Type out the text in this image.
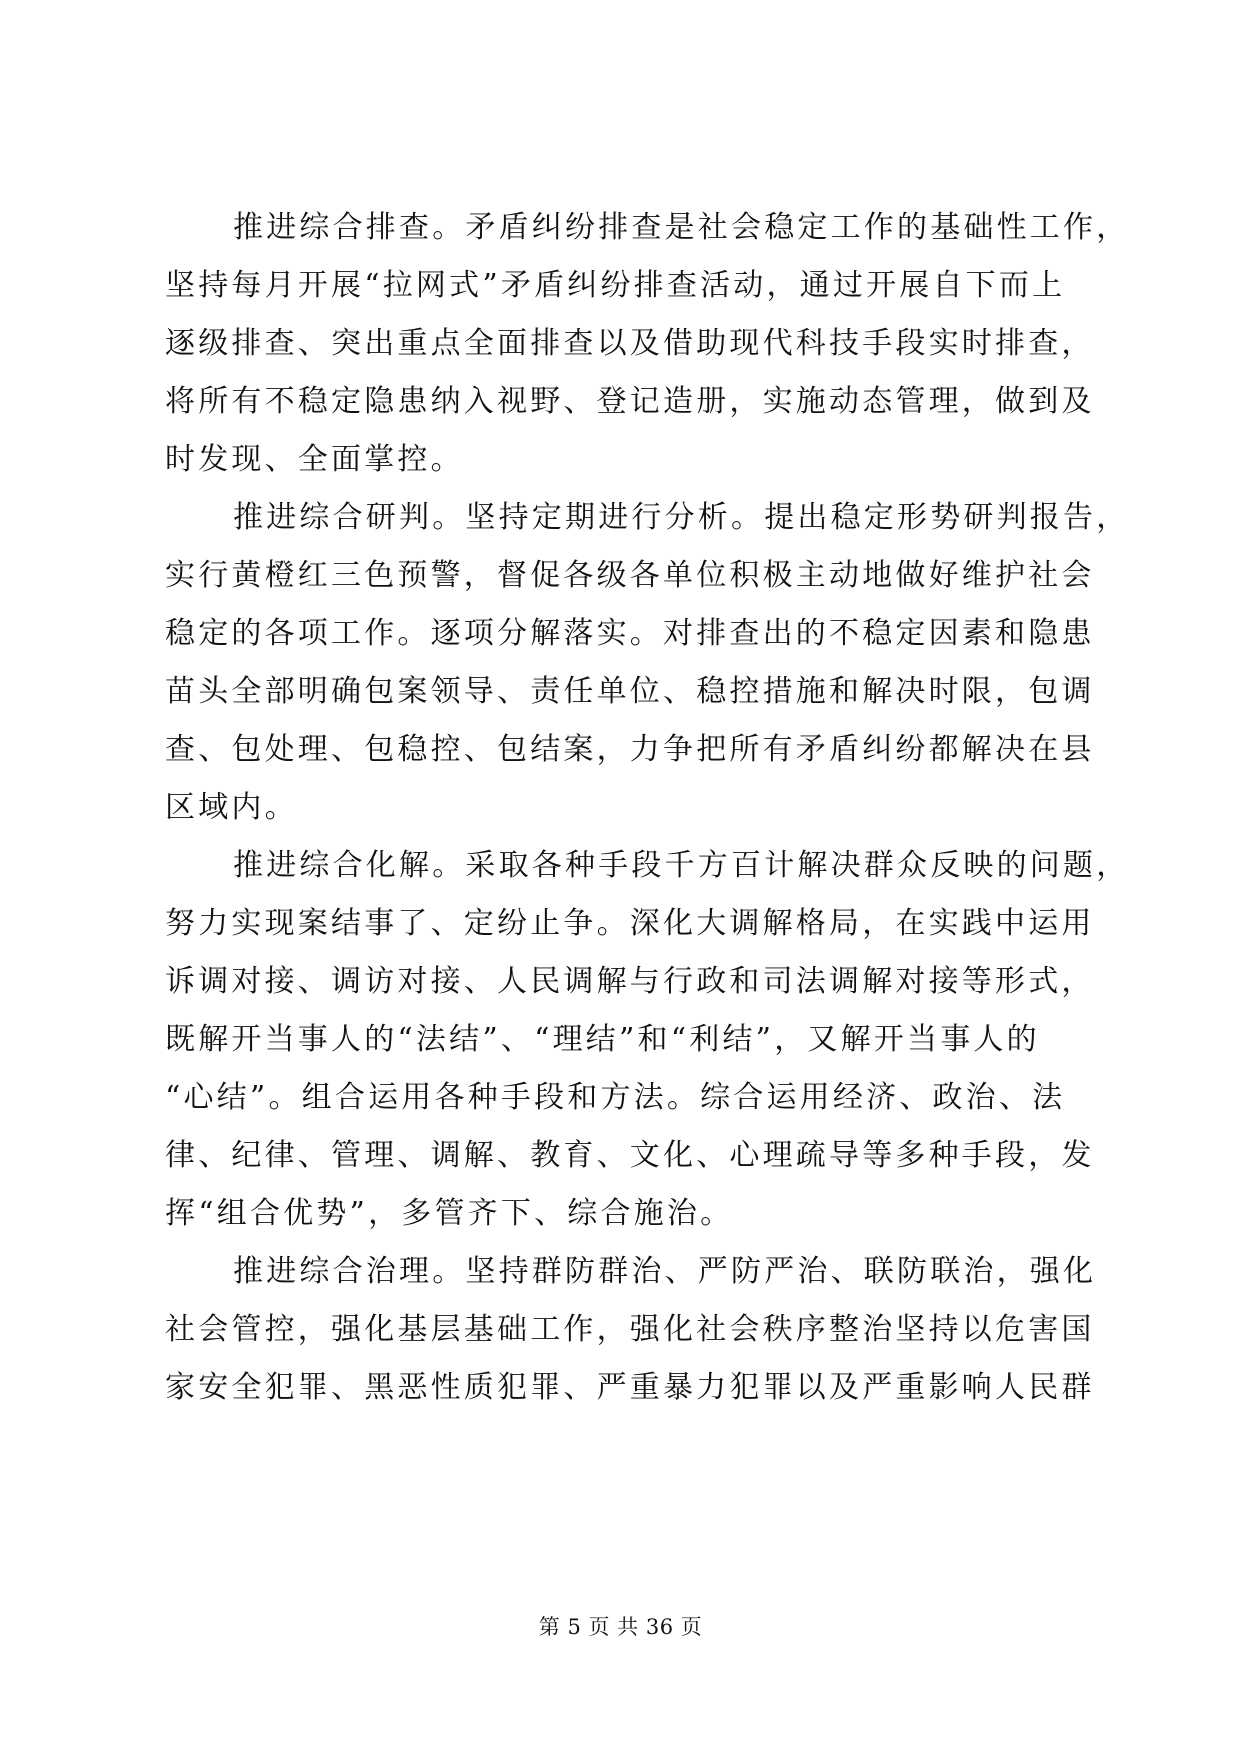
推进综合排查。矛盾纠纷排查是社会稳定工作的基础性工作，
坚持每月开展“拉网式”矛盾纠纷排查活动，通过开展自下而上
逐级排查、突出重点全面排查以及借助现代科技手段实时排查，
将所有不稳定隐患纳入视野、登记造册，实施动态管理，做到及
时发现、全面掌控。
推进综合研判。坚持定期进行分析。提出稳定形势研判报告，
实行黄橙红三色预警，督促各级各单位积极主动地做好维护社会
稳定的各项工作。逐项分解落实。对排查出的不稳定因素和隐患
苗头全部明确包案领导、责任单位、稳控措施和解决时限，包调
查、包处理、包稳控、包结案，力争把所有矛盾纠纷都解决在县
区域内。
推进综合化解。采取各种手段千方百计解决群众反映的问题，
努力实现案结事了、定纷止争。深化大调解格局，在实践中运用
诉调对接、调访对接、人民调解与行政和司法调解对接等形式，
既解开当事人的“法结”、“理结”和“利结”，又解开当事人的
“心结”。组合运用各种手段和方法。综合运用经济、政治、法
律、纪律、管理、调解、教育、文化、心理疏导等多种手段，发
挥“组合优势”，多管齐下、综合施治。
推进综合治理。坚持群防群治、严防严治、联防联治，强化
社会管控，强化基层基础工作，强化社会秩序整治坚持以危害国
家安全犯罪、黑恶性质犯罪、严重暴力犯罪以及严重影响人民群
第 5 页 共 36 页
